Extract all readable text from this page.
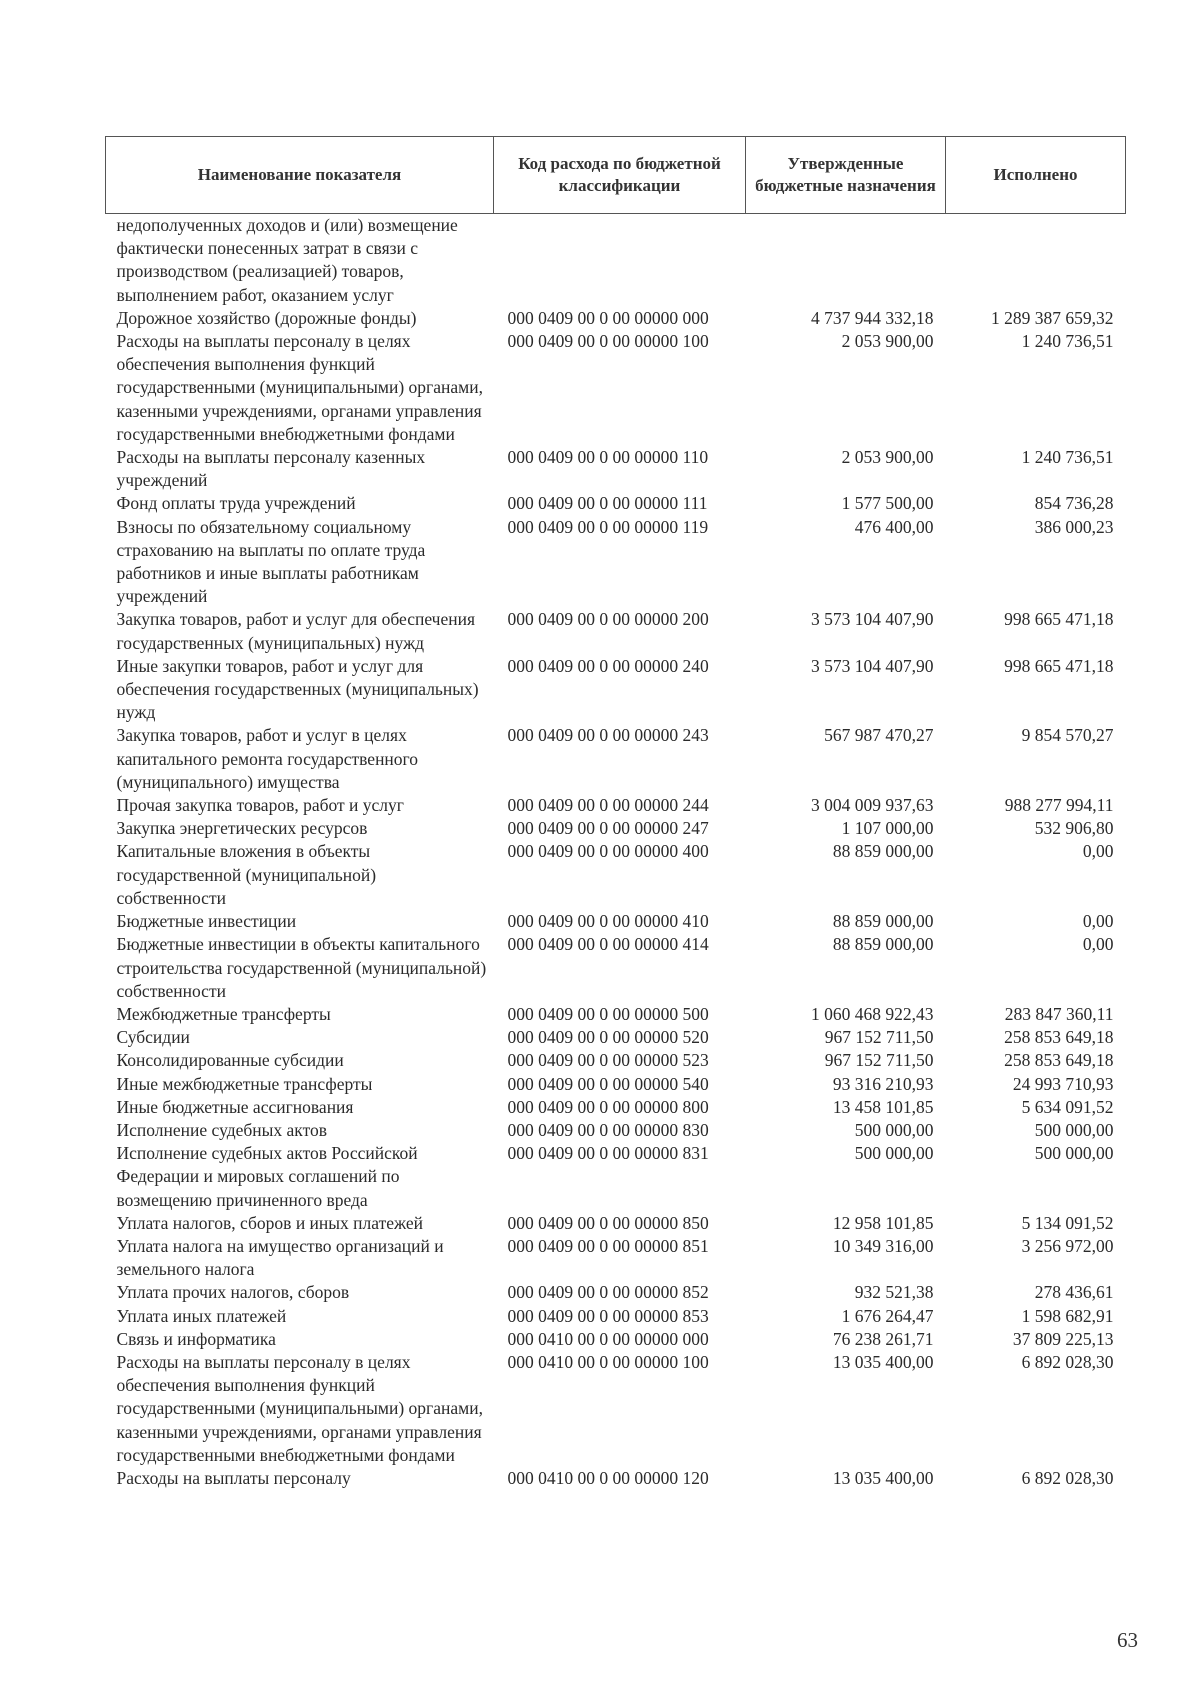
Наименование показателя	Код расхода по бюджетной классификации	Утвержденные бюджетные назначения	Исполнено
недополученных доходов и (или) возмещение фактически понесенных затрат в связи с производством (реализацией) товаров, выполнением работ, оказанием услуг			
Дорожное хозяйство (дорожные фонды)	000 0409 00 0 00 00000 000	4 737 944 332,18	1 289 387 659,32
Расходы на выплаты персоналу в целях обеспечения выполнения функций государственными (муниципальными) органами, казенными учреждениями, органами управления государственными внебюджетными фондами	000 0409 00 0 00 00000 100	2 053 900,00	1 240 736,51
Расходы на выплаты персоналу казенных учреждений	000 0409 00 0 00 00000 110	2 053 900,00	1 240 736,51
Фонд оплаты труда учреждений	000 0409 00 0 00 00000 111	1 577 500,00	854 736,28
Взносы по обязательному социальному страхованию на выплаты по оплате труда работников и иные выплаты работникам учреждений	000 0409 00 0 00 00000 119	476 400,00	386 000,23
Закупка товаров, работ и услуг для обеспечения государственных (муниципальных) нужд	000 0409 00 0 00 00000 200	3 573 104 407,90	998 665 471,18
Иные закупки товаров, работ и услуг для обеспечения государственных (муниципальных) нужд	000 0409 00 0 00 00000 240	3 573 104 407,90	998 665 471,18
Закупка товаров, работ и услуг в целях капитального ремонта государственного (муниципального) имущества	000 0409 00 0 00 00000 243	567 987 470,27	9 854 570,27
Прочая закупка товаров, работ и услуг	000 0409 00 0 00 00000 244	3 004 009 937,63	988 277 994,11
Закупка энергетических ресурсов	000 0409 00 0 00 00000 247	1 107 000,00	532 906,80
Капитальные вложения в объекты государственной (муниципальной) собственности	000 0409 00 0 00 00000 400	88 859 000,00	0,00
Бюджетные инвестиции	000 0409 00 0 00 00000 410	88 859 000,00	0,00
Бюджетные инвестиции в объекты капитального строительства государственной (муниципальной) собственности	000 0409 00 0 00 00000 414	88 859 000,00	0,00
Межбюджетные трансферты	000 0409 00 0 00 00000 500	1 060 468 922,43	283 847 360,11
Субсидии	000 0409 00 0 00 00000 520	967 152 711,50	258 853 649,18
Консолидированные субсидии	000 0409 00 0 00 00000 523	967 152 711,50	258 853 649,18
Иные межбюджетные трансферты	000 0409 00 0 00 00000 540	93 316 210,93	24 993 710,93
Иные бюджетные ассигнования	000 0409 00 0 00 00000 800	13 458 101,85	5 634 091,52
Исполнение судебных актов	000 0409 00 0 00 00000 830	500 000,00	500 000,00
Исполнение судебных актов Российской Федерации и мировых соглашений по возмещению причиненного вреда	000 0409 00 0 00 00000 831	500 000,00	500 000,00
Уплата налогов, сборов и иных платежей	000 0409 00 0 00 00000 850	12 958 101,85	5 134 091,52
Уплата налога на имущество организаций и земельного налога	000 0409 00 0 00 00000 851	10 349 316,00	3 256 972,00
Уплата прочих налогов, сборов	000 0409 00 0 00 00000 852	932 521,38	278 436,61
Уплата иных платежей	000 0409 00 0 00 00000 853	1 676 264,47	1 598 682,91
Связь и информатика	000 0410 00 0 00 00000 000	76 238 261,71	37 809 225,13
Расходы на выплаты персоналу в целях обеспечения выполнения функций государственными (муниципальными) органами, казенными учреждениями, органами управления государственными внебюджетными фондами	000 0410 00 0 00 00000 100	13 035 400,00	6 892 028,30
Расходы на выплаты персоналу	000 0410 00 0 00 00000 120	13 035 400,00	6 892 028,30
63
